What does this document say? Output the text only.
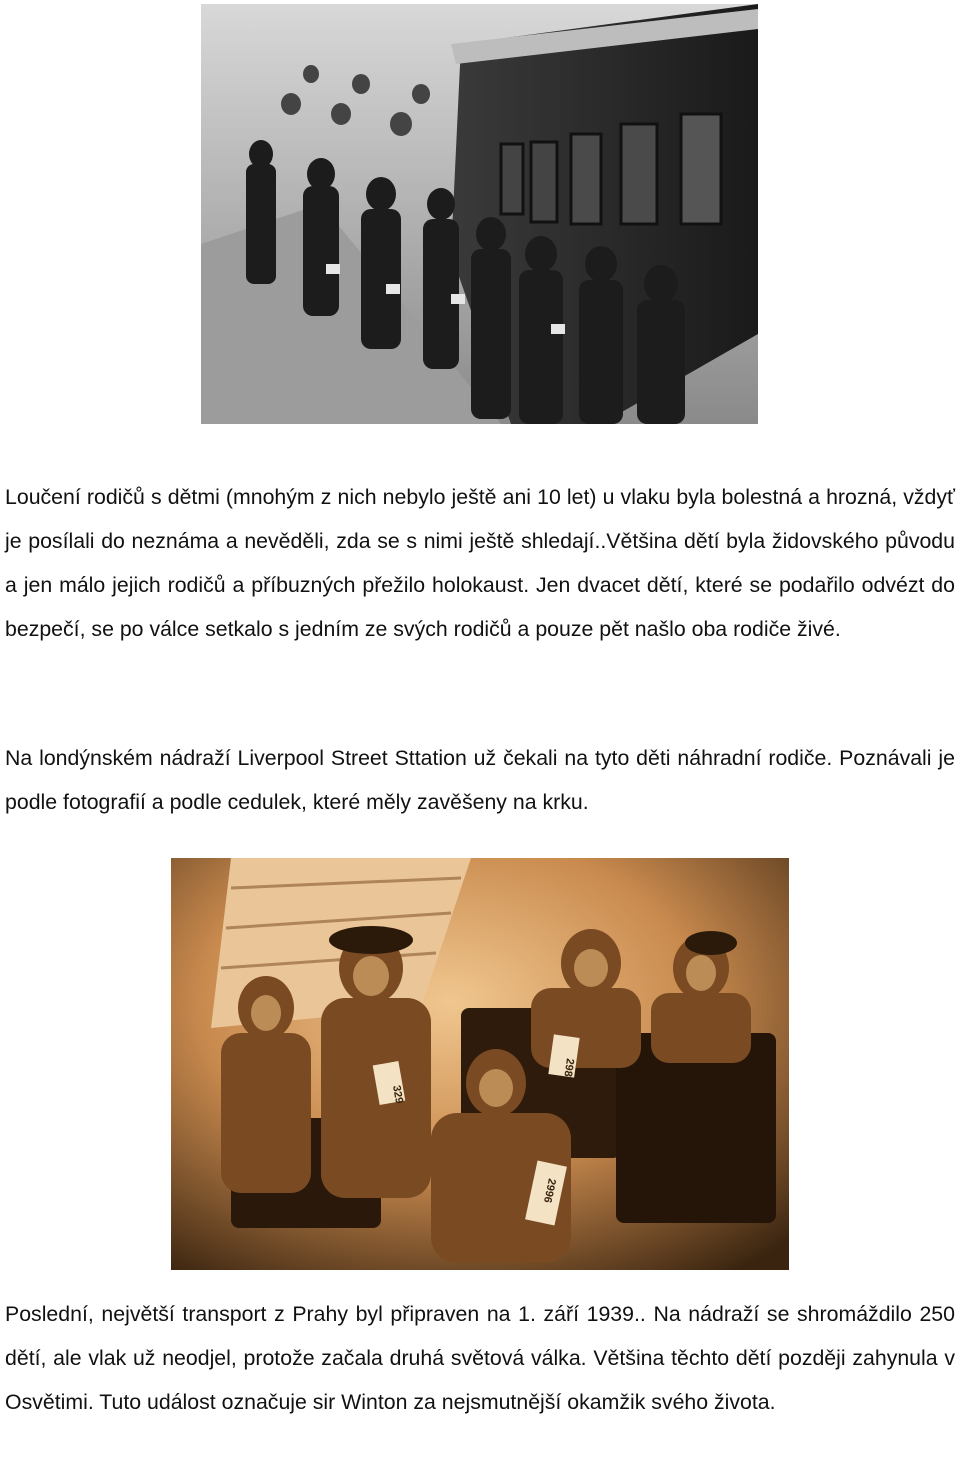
Loučení rodičů s dětmi (mnohým z nich nebylo ještě ani 10 let) u vlaku byla bolestná a hrozná, vždyť je posílali do neznáma a nevěděli, zda se s nimi ještě shledají..Většina dětí byla židovského původu a jen málo jejich rodičů a příbuzných přežilo holokaust. Jen dvacet dětí, které se podařilo odvézt do bezpečí, se po válce setkalo s jedním ze svých rodičů a pouze pět našlo oba rodiče živé.

Na londýnském nádraží Liverpool Street Sttation už čekali na tyto děti náhradní rodiče. Poznávali je podle fotografií a podle cedulek, které měly zavěšeny na krku.

298
329
2996

Poslední, největší transport z Prahy byl připraven na 1. září 1939.. Na nádraží se shromáždilo 250 dětí, ale vlak už neodjel, protože začala druhá světová válka. Většina těchto dětí později zahynula v Osvětimi. Tuto událost označuje sir Winton za nejsmutnější okamžik svého života.
